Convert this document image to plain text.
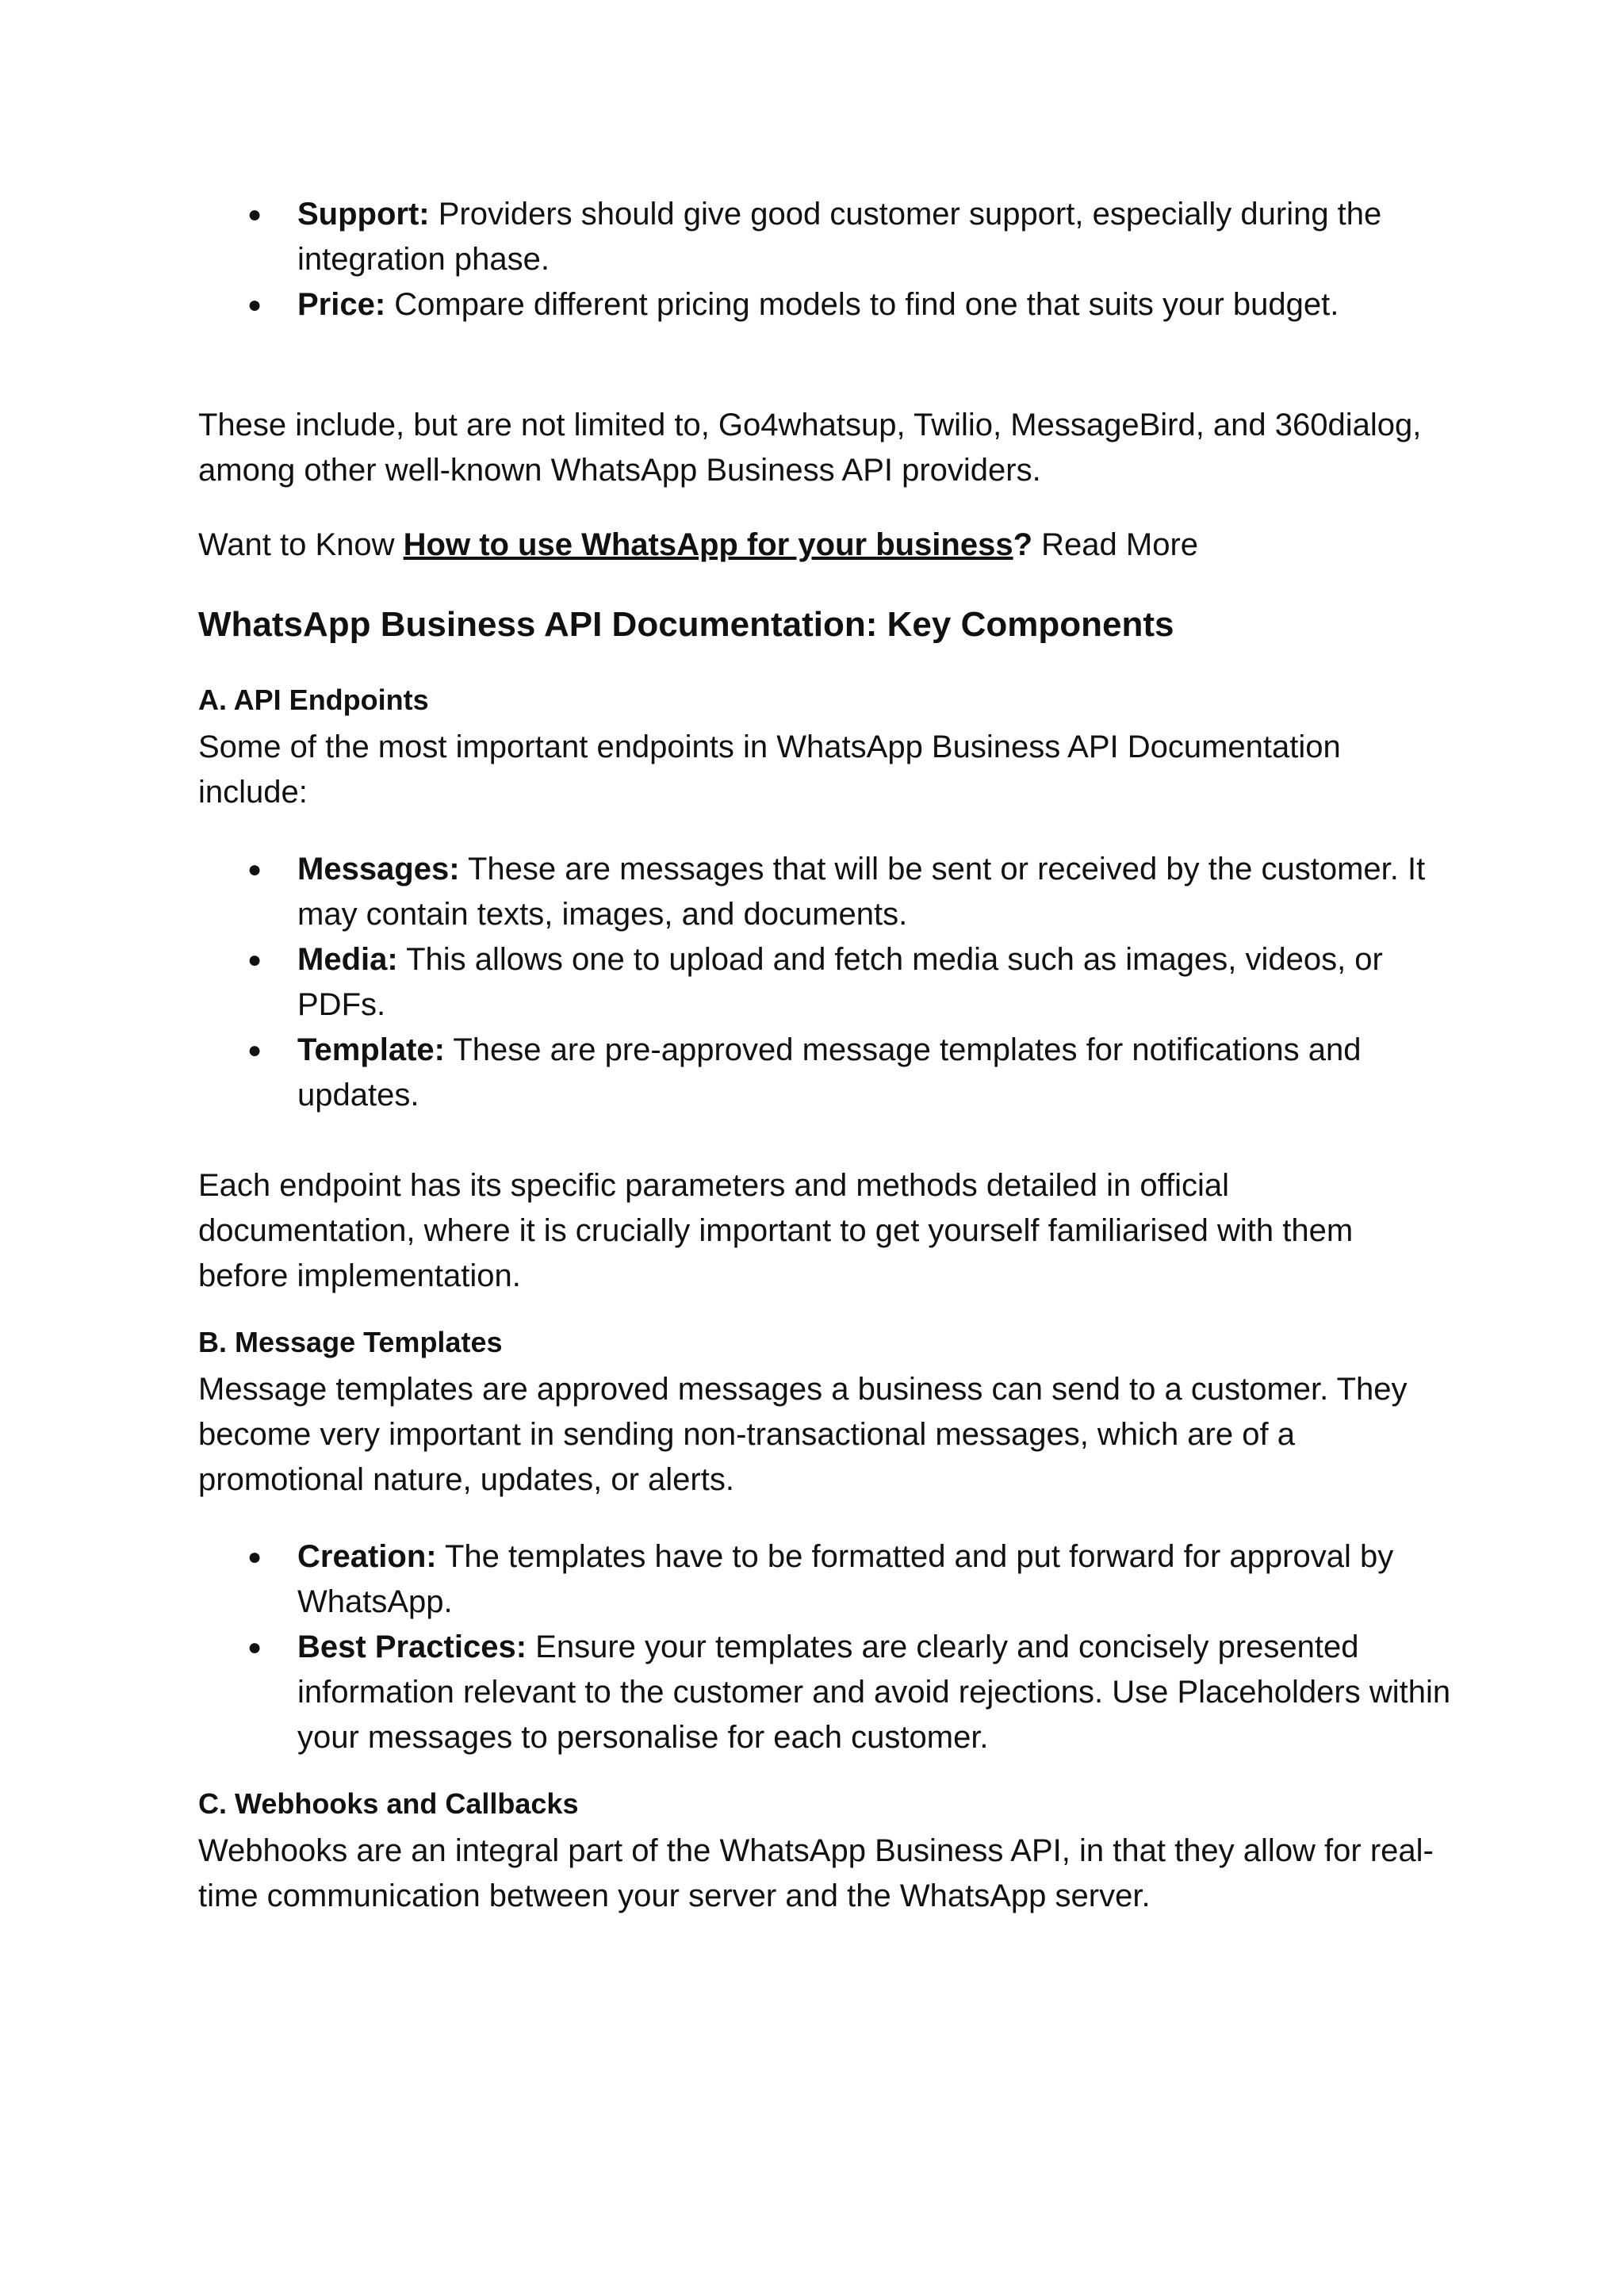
● Support: Providers should give good customer support, especially during the integration phase.
● Price: Compare different pricing models to find one that suits your budget.

These include, but are not limited to, Go4whatsup, Twilio, MessageBird, and 360dialog, among other well-known WhatsApp Business API providers.

Want to Know How to use WhatsApp for your business? Read More

WhatsApp Business API Documentation: Key Components
A. API Endpoints

Some of the most important endpoints in WhatsApp Business API Documentation include:

● Messages: These are messages that will be sent or received by the customer. It may contain texts, images, and documents.
● Media: This allows one to upload and fetch media such as images, videos, or PDFs.
● Template: These are pre-approved message templates for notifications and updates.

Each endpoint has its specific parameters and methods detailed in official documentation, where it is crucially important to get yourself familiarised with them before implementation.

B. Message Templates

Message templates are approved messages a business can send to a customer. They become very important in sending non-transactional messages, which are of a promotional nature, updates, or alerts.

● Creation: The templates have to be formatted and put forward for approval by WhatsApp.
● Best Practices: Ensure your templates are clearly and concisely presented information relevant to the customer and avoid rejections. Use Placeholders within your messages to personalise for each customer.
C. Webhooks and Callbacks

Webhooks are an integral part of the WhatsApp Business API, in that they allow for real-time communication between your server and the WhatsApp server.
